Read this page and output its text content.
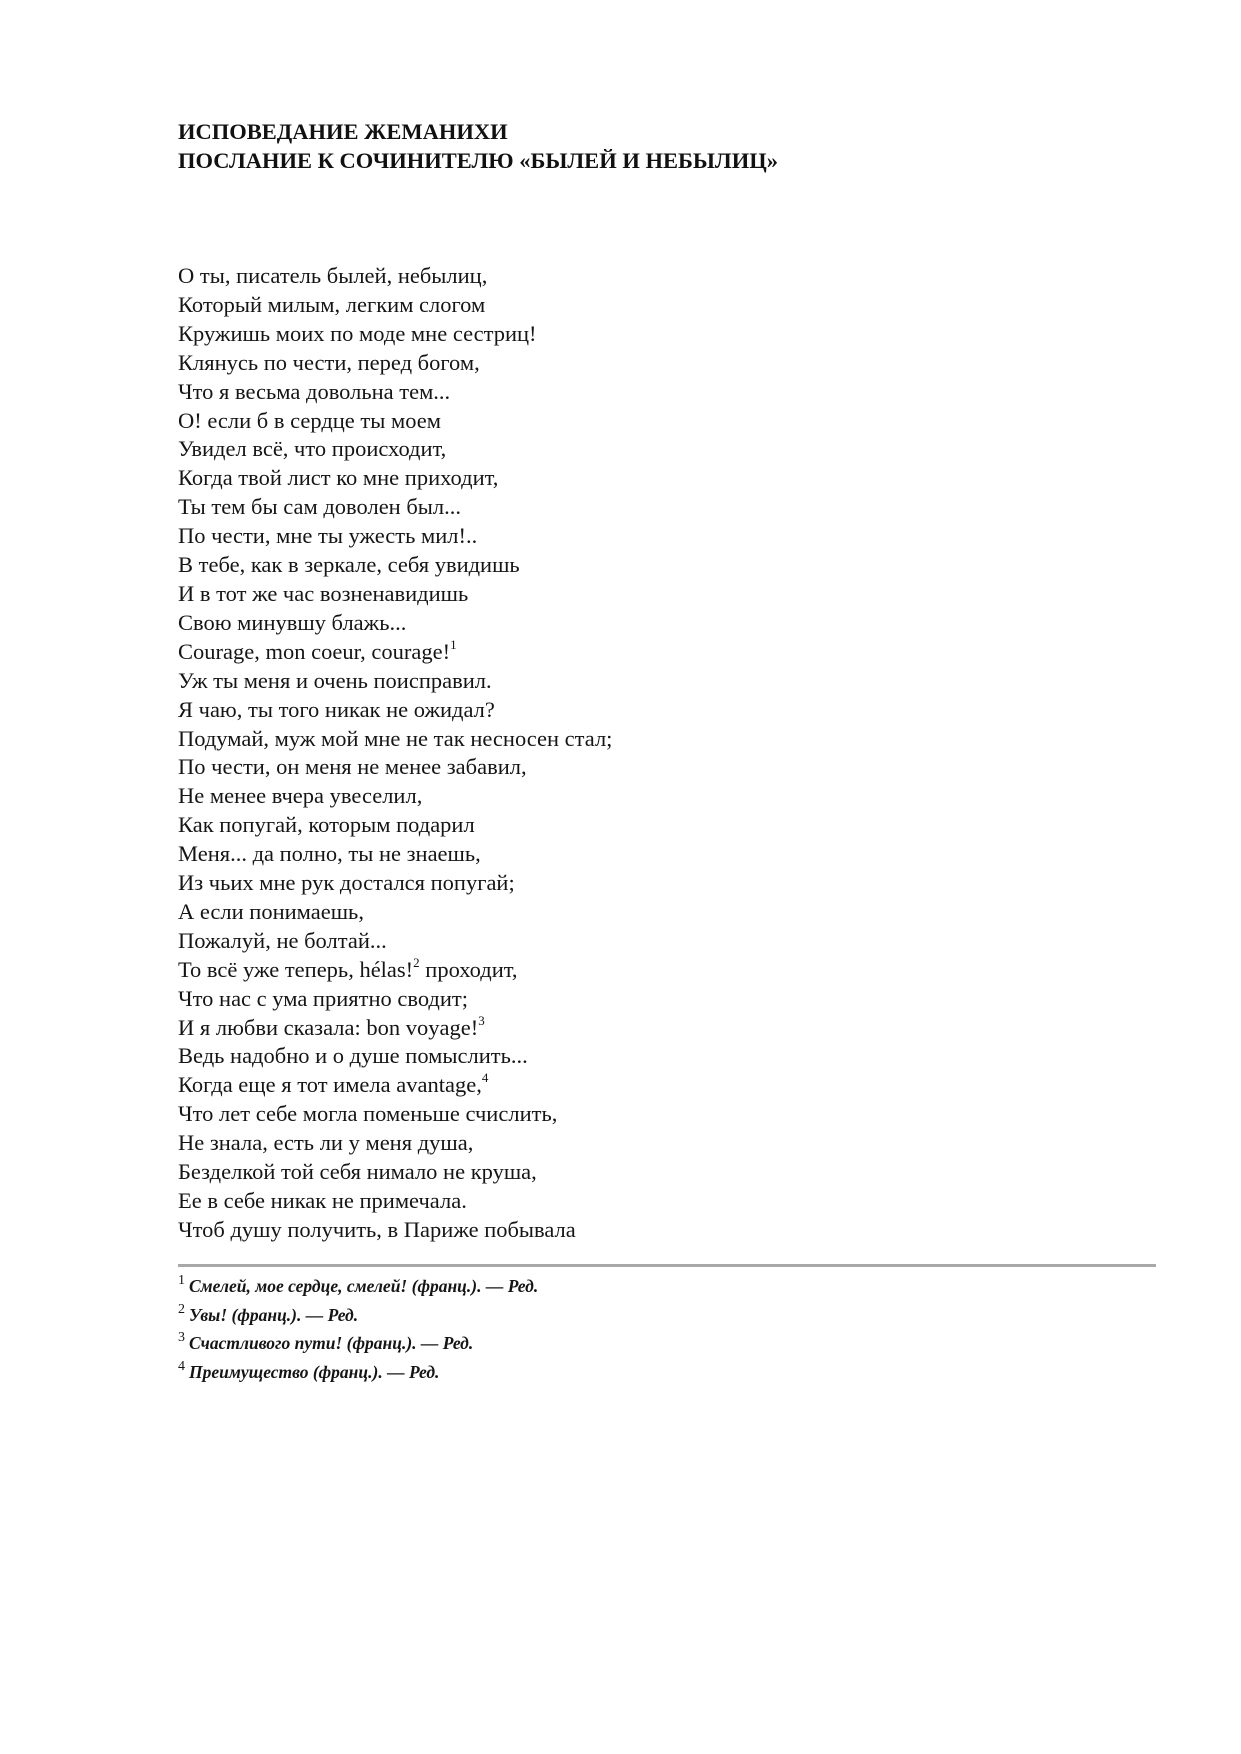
ИСПОВЕДАНИЕ ЖЕМАНИХИ
ПОСЛАНИЕ К СОЧИНИТЕЛЮ «БЫЛЕЙ И НЕБЫЛИЦ»
О ты, писатель былей, небылиц,
Который милым, легким слогом
Кружишь моих по моде мне сестриц!
Клянусь по чести, перед богом,
Что я весьма довольна тем...
О! если б в сердце ты моем
Увидел всё, что происходит,
Когда твой лист ко мне приходит,
Ты тем бы сам доволен был...
По чести, мне ты ужесть мил!..
В тебе, как в зеркале, себя увидишь
И в тот же час возненавидишь
Свою минувшу блажь...
Courage, mon coeur, courage!$^1$
Уж ты меня и очень поисправил.
Я чаю, ты того никак не ожидал?
Подумай, муж мой мне не так несносен стал;
По чести, он меня не менее забавил,
Не менее вчера увеселил,
Как попугай, которым подарил
Меня... да полно, ты не знаешь,
Из чьих мне рук достался попугай;
А если понимаешь,
Пожалуй, не болтай...
То всё уже теперь, hélas!$^2$ проходит,
Что нас с ума приятно сводит;
И я любви сказала: bon voyage!$^3$
Ведь надобно и о душе помыслить...
Когда еще я тот имела avantage,$^4$
Что лет себе могла поменьше счислить,
Не знала, есть ли у меня душа,
Безделкой той себя нимало не круша,
Ее в себе никак не примечала.
Чтоб душу получить, в Париже побывала
$^1$ Смелей, мое сердце, смелей! (франц.). — Ред.
$^2$ Увы! (франц.). — Ред.
$^3$ Счастливого пути! (франц.). — Ред.
$^4$ Преимущество (франц.). — Ред.
